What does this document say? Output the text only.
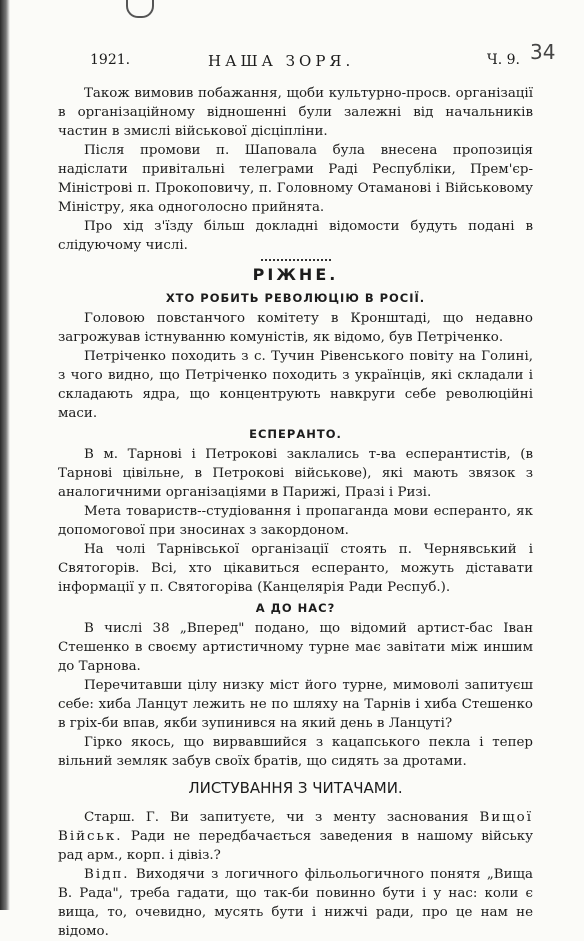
34
1921.	НАША ЗОРЯ.	Ч. 9.

Також вимовив побажання, щоби культурно-просв. організації в організаційному відношенні були залежні від начальників частин в змислі військової дісціпліни.

Після промови п. Шаповала була внесена пропозиція надіслати привітальні телеграми Раді Республіки, Прем'єр-Міністрові п. Прокоповичу, п. Головному Отаманові і Військовому Міністру, яка одноголосно прийнята.

Про хід з'їзду більш докладні відомости будуть подані в слідуючому числі.

РІЖНЕ.
ХТО РОБИТЬ РЕВОЛЮЦІЮ В РОСІЇ.

Головою повстанчого комітету в Кронштаді, що недавно загрожував істнуванню комуністів, як відомо, був Петріченко.

Петріченко походить з с. Тучин Рівенського повіту на Голині, з чого видно, що Петріченко походить з українців, які складали і складають ядра, що концентрують навкруги себе революційні маси.

ЕСПЕРАНТО.

В м. Тарнові і Петрокові заклались т-ва есперантистів, (в Тарнові цівільне, в Петрокові військове), які мають звязок з аналогичними організаціями в Парижі, Празі і Ризі.

Мета товариств--студіовання і пропаганда мови есперанто, як допомогової при зносинах з закордоном.

На чолі Тарнівської організації стоять п. Чернявський і Святогорів. Всі, хто цікавиться есперанто, можуть діставати інформації у п. Святогоріва (Канцелярія Ради Респуб.).

А ДО НАС?

В числі 38 „Вперед" подано, що відомий артист-бас Іван Стешенко в своєму артистичному турне має завітати між иншим до Тарнова.

Перечитавши цілу низку міст його турне, мимоволі запитуєш себе: хиба Ланцут лежить не по шляху на Тарнів і хиба Стешенко в гріх-би впав, якби зупинився на який день в Ланцуті?

Гірко якось, що вирвавшийся з кацапського пекла і тепер вільний земляк забув своїх братів, що сидять за дротами.

ЛИСТУВАННЯ З ЧИТАЧАМИ.

Старш. Г. Ви запитуєте, чи з менту заснования Вищої Військ. Ради не передбачається заведения в нашому війську рад арм., корп. і дівіз.?

Відп. Виходячи з логичного фільольогичного понятя „Вища В. Рада", треба гадати, що так-би повинно бути і у нас: коли є вища, то, очевидно, мусять бути і нижчі ради, про це нам не відомо.
